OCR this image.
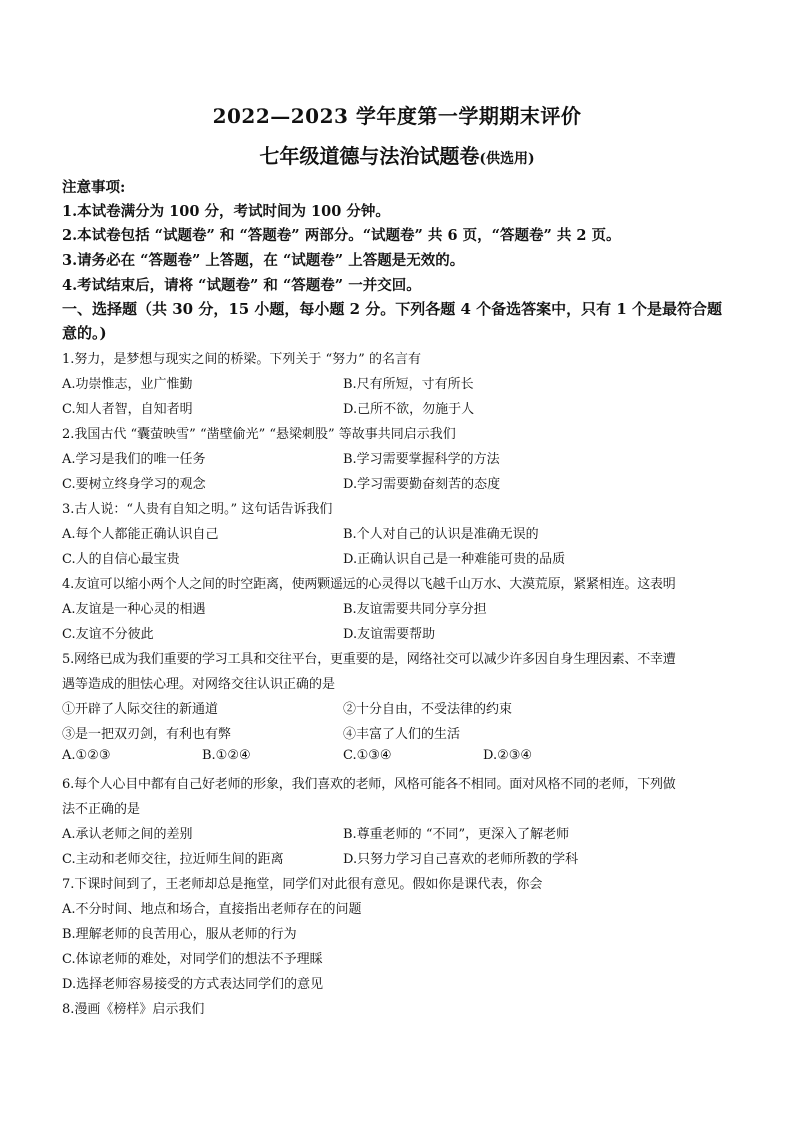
2022—2023 学年度第一学期期末评价
七年级道德与法治试题卷(供选用)
注意事项:
1.本试卷满分为 100 分，考试时间为 100 分钟。
2.本试卷包括 “试题卷” 和 “答题卷” 两部分。“试题卷” 共 6 页，“答题卷” 共 2 页。
3.请务必在 “答题卷” 上答题，在 “试题卷” 上答题是无效的。
4.考试结束后，请将 “试题卷” 和 “答题卷” 一并交回。
一、选择题（共 30 分，15 小题，每小题 2 分。下列各题 4 个备选答案中，只有 1 个是最符合题
意的。)
1.努力，是梦想与现实之间的桥梁。下列关于 “努力” 的名言有
A.功崇惟志，业广惟勤	B.尺有所短，寸有所长
C.知人者智，自知者明	D.己所不欲，勿施于人
2.我国古代 “囊萤映雪” “凿壁偷光” “悬梁刺股” 等故事共同启示我们
A.学习是我们的唯一任务	B.学习需要掌握科学的方法
C.要树立终身学习的观念	D.学习需要勤奋刻苦的态度
3.古人说：“人贵有自知之明。” 这句话告诉我们
A.每个人都能正确认识自己	B.个人对自己的认识是准确无误的
C.人的自信心最宝贵	D.正确认识自己是一种难能可贵的品质
4.友谊可以缩小两个人之间的时空距离，使两颗遥远的心灵得以飞越千山万水、大漠荒原，紧紧相连。这表明
A.友谊是一种心灵的相遇	B.友谊需要共同分享分担
C.友谊不分彼此	D.友谊需要帮助
5.网络已成为我们重要的学习工具和交往平台，更重要的是，网络社交可以减少许多因自身生理因素、不幸遭
遇等造成的胆怯心理。对网络交往认识正确的是
①开辟了人际交往的新通道	②十分自由，不受法律的约束
③是一把双刃剑，有利也有弊	④丰富了人们的生活
A.①②③	B.①②④	C.①③④	D.②③④
6.每个人心目中都有自己好老师的形象，我们喜欢的老师，风格可能各不相同。面对风格不同的老师，下列做
法不正确的是
A.承认老师之间的差别	B.尊重老师的 “不同”，更深入了解老师
C.主动和老师交往，拉近师生间的距离	D.只努力学习自己喜欢的老师所教的学科
7.下课时间到了，王老师却总是拖堂，同学们对此很有意见。假如你是课代表，你会
A.不分时间、地点和场合，直接指出老师存在的问题
B.理解老师的良苦用心，服从老师的行为
C.体谅老师的难处，对同学们的想法不予理睬
D.选择老师容易接受的方式表达同学们的意见
8.漫画《榜样》启示我们
